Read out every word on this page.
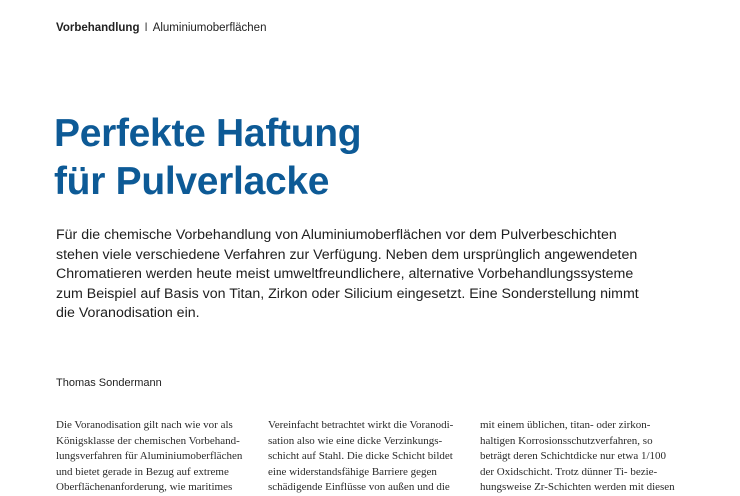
Vorbehandlung I Aluminiumoberflächen
Perfekte Haftung
für Pulverlacke

Für die chemische Vorbehandlung von Aluminiumoberflächen vor dem Pulverbeschichten
stehen viele verschiedene Verfahren zur Verfügung. Neben dem ursprünglich angewendeten
Chromatieren werden heute meist umweltfreundlichere, alternative Vorbehandlungssysteme
zum Beispiel auf Basis von Titan, Zirkon oder Silicium eingesetzt. Eine Sonderstellung nimmt
die Voranodisation ein.

Thomas Sondermann
Die Voranodisation gilt nach wie vor als
Königsklasse der chemischen Vorbehand-
lungsverfahren für Aluminiumoberflächen
und bietet gerade in Bezug auf extreme
Oberflächenanforderung, wie maritimes
Vereinfacht betrachtet wirkt die Voranodi-
sation also wie eine dicke Verzinkungs-
schicht auf Stahl. Die dicke Schicht bildet
eine widerstandsfähige Barriere gegen
schädigende Einflüsse von außen und die
mit einem üblichen, titan- oder zirkon-
haltigen Korrosionsschutzverfahren, so
beträgt deren Schichtdicke nur etwa 1/100
der Oxidschicht. Trotz dünner Ti- bezie-
hungsweise Zr-Schichten werden mit diesen
